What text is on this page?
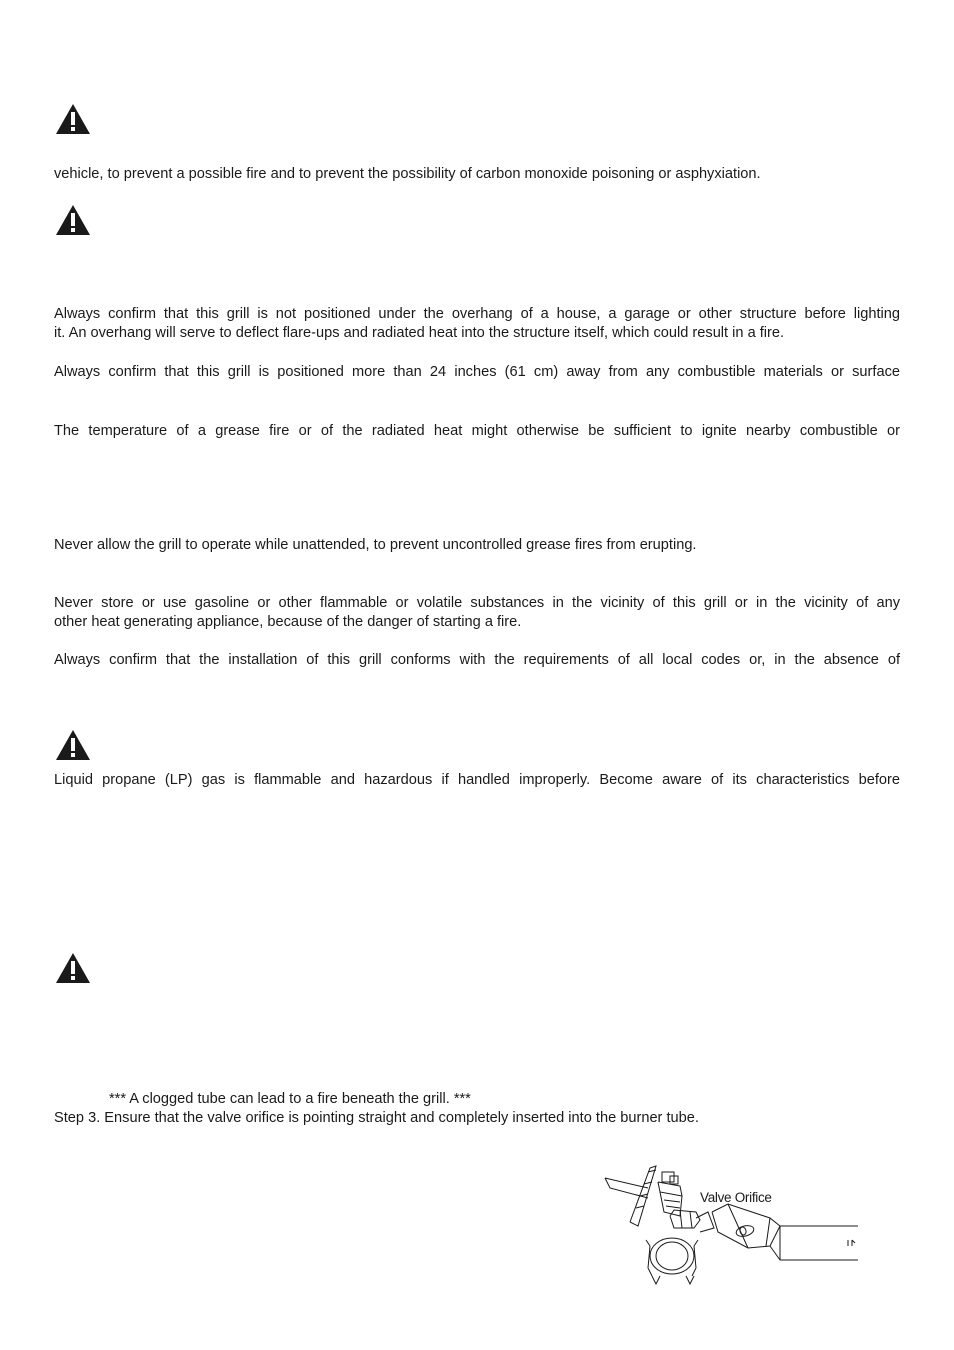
vehicle, to prevent a possible fire and to prevent the possibility of carbon monoxide poisoning or asphyxiation.

Always confirm that this grill is not positioned under the overhang of a house, a garage or other structure before lighting

it. An overhang will serve to deflect flare-ups and radiated heat into the structure itself, which could result in a fire.

Always confirm that this grill is positioned more than 24 inches (61 cm) away from any combustible materials or surface

The temperature of a grease fire or of the radiated heat might otherwise be sufficient to ignite nearby combustible or

Never allow the grill to operate while unattended, to prevent uncontrolled grease fires from erupting.

Never store or use gasoline or other flammable or volatile substances in the vicinity of this grill or in the vicinity of any

other heat generating appliance, because of the danger of starting a fire.

Always confirm that the installation of this grill conforms with the requirements of all local codes or, in the absence of

Liquid propane (LP) gas is flammable and hazardous if handled improperly. Become aware of its characteristics before

*** A clogged tube can lead to a fire beneath the grill. ***

Step 3. Ensure that the valve orifice is pointing straight and completely inserted into the burner tube.

Valve Orifice
